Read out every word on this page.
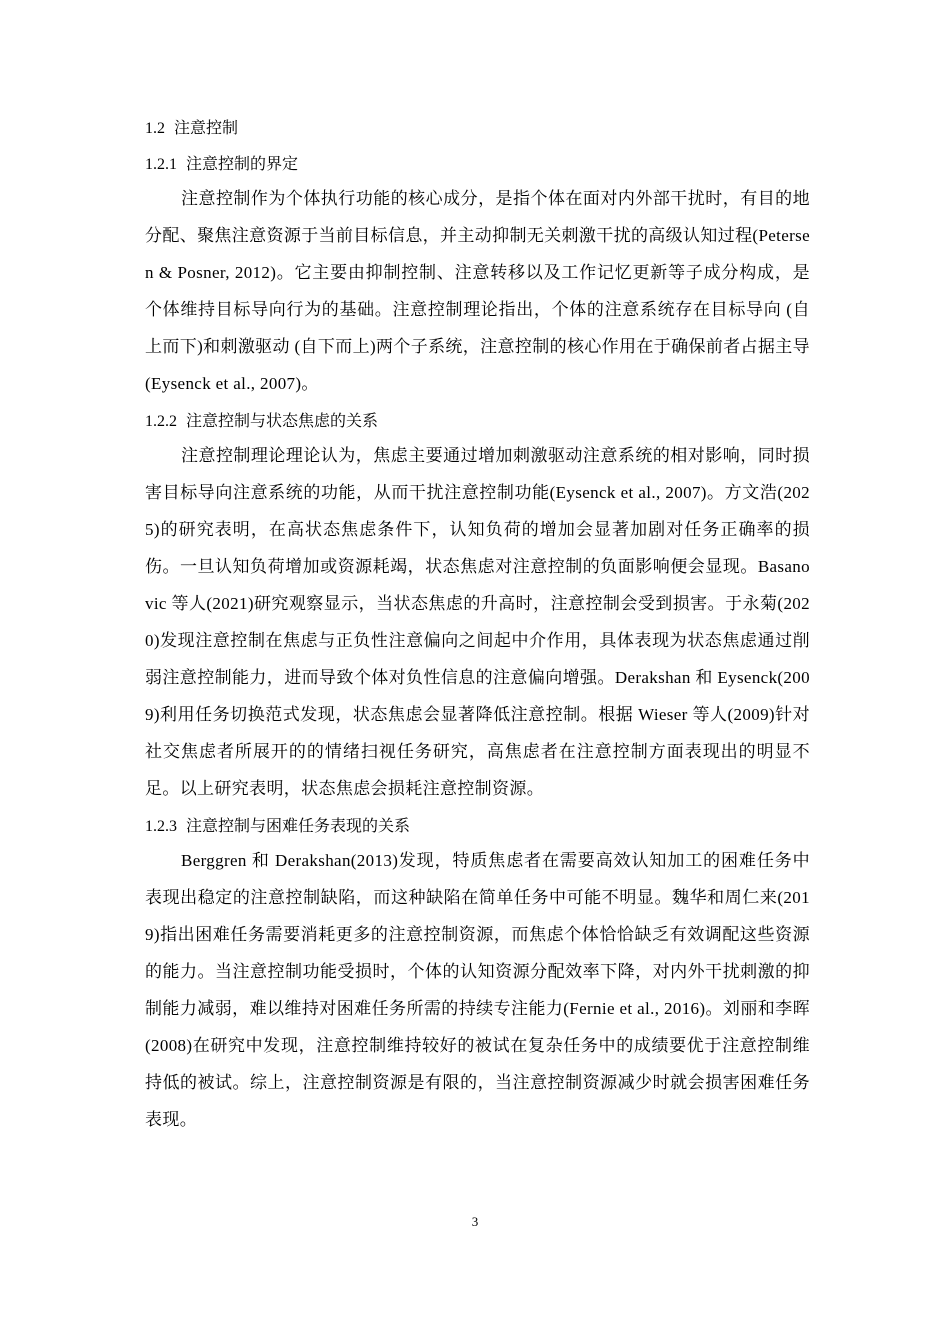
1.2 注意控制
1.2.1 注意控制的界定

注意控制作为个体执行功能的核心成分，是指个体在面对内外部干扰时，有目的地分配、聚焦注意资源于当前目标信息，并主动抑制无关刺激干扰的高级认知过程(Petersen & Posner, 2012)。它主要由抑制控制、注意转移以及工作记忆更新等子成分构成，是个体维持目标导向行为的基础。注意控制理论指出，个体的注意系统存在目标导向 (自上而下)和刺激驱动 (自下而上)两个子系统，注意控制的核心作用在于确保前者占据主导(Eysenck et al., 2007)。

1.2.2 注意控制与状态焦虑的关系

注意控制理论理论认为，焦虑主要通过增加刺激驱动注意系统的相对影响，同时损害目标导向注意系统的功能，从而干扰注意控制功能(Eysenck et al., 2007)。方文浩(2025)的研究表明，在高状态焦虑条件下，认知负荷的增加会显著加剧对任务正确率的损伤。一旦认知负荷增加或资源耗竭，状态焦虑对注意控制的负面影响便会显现。Basanovic 等人(2021)研究观察显示，当状态焦虑的升高时，注意控制会受到损害。于永菊(2020)发现注意控制在焦虑与正负性注意偏向之间起中介作用，具体表现为状态焦虑通过削弱注意控制能力，进而导致个体对负性信息的注意偏向增强。Derakshan 和 Eysenck(2009)利用任务切换范式发现，状态焦虑会显著降低注意控制。根据 Wieser 等人(2009)针对社交焦虑者所展开的的情绪扫视任务研究，高焦虑者在注意控制方面表现出的明显不足。以上研究表明，状态焦虑会损耗注意控制资源。

1.2.3 注意控制与困难任务表现的关系

Berggren 和 Derakshan(2013)发现，特质焦虑者在需要高效认知加工的困难任务中表现出稳定的注意控制缺陷，而这种缺陷在简单任务中可能不明显。魏华和周仁来(2019)指出困难任务需要消耗更多的注意控制资源，而焦虑个体恰恰缺乏有效调配这些资源的能力。当注意控制功能受损时，个体的认知资源分配效率下降，对内外干扰刺激的抑制能力减弱，难以维持对困难任务所需的持续专注能力(Fernie et al., 2016)。刘丽和李晖(2008)在研究中发现，注意控制维持较好的被试在复杂任务中的成绩要优于注意控制维持低的被试。综上，注意控制资源是有限的，当注意控制资源减少时就会损害困难任务表现。

3
